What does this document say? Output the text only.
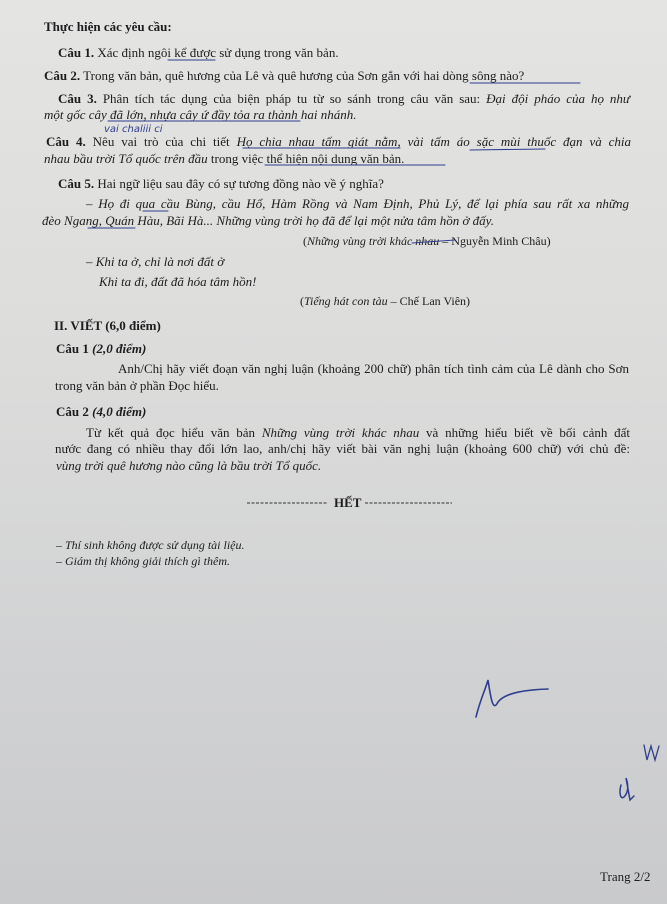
Thực hiện các yêu cầu:
Câu 1. Xác định ngôi kể được sử dụng trong văn bản.
Câu 2. Trong văn bản, quê hương của Lê và quê hương của Sơn gắn với hai dòng sông nào?
Câu 3. Phân tích tác dụng của biện pháp tu từ so sánh trong câu văn sau: Đại đội pháo của họ như
một gốc cây đã lớn, nhựa cây ứ đầy tỏa ra thành hai nhánh.
vai chaliii ci
Câu 4. Nêu vai trò của chi tiết Họ chia nhau tấm giát nằm, vài tấm áo sặc mùi thuốc đạn và chia
nhau bầu trời Tổ quốc trên đầu trong việc thể hiện nội dung văn bản.
Câu 5. Hai ngữ liệu sau đây có sự tương đồng nào về ý nghĩa?
– Họ đi qua cầu Bùng, cầu Hổ, Hàm Rồng và Nam Định, Phủ Lý, để lại phía sau rất xa những
đèo Ngang, Quán Hàu, Bãi Hà... Những vùng trời họ đã để lại một nửa tâm hồn ở đấy.
(Những vùng trời khác nhau – Nguyễn Minh Châu)
– Khi ta ở, chỉ là nơi đất ở
Khi ta đi, đất đã hóa tâm hồn!
(Tiếng hát con tàu – Chế Lan Viên)
II. VIẾT (6,0 điểm)
Câu 1 (2,0 điểm)
Anh/Chị hãy viết đoạn văn nghị luận (khoảng 200 chữ) phân tích tình cảm của Lê dành cho Sơn
trong văn bản ở phần Đọc hiểu.
Câu 2 (4,0 điểm)
Từ kết quả đọc hiểu văn bản Những vùng trời khác nhau và những hiểu biết về bối cảnh đất
nước đang có nhiều thay đổi lớn lao, anh/chị hãy viết bài văn nghị luận (khoảng 600 chữ) với chủ đề:
vùng trời quê hương nào cũng là bầu trời Tổ quốc.
HẾT
– Thí sinh không được sử dụng tài liệu.
– Giám thị không giải thích gì thêm.
Trang 2/2
